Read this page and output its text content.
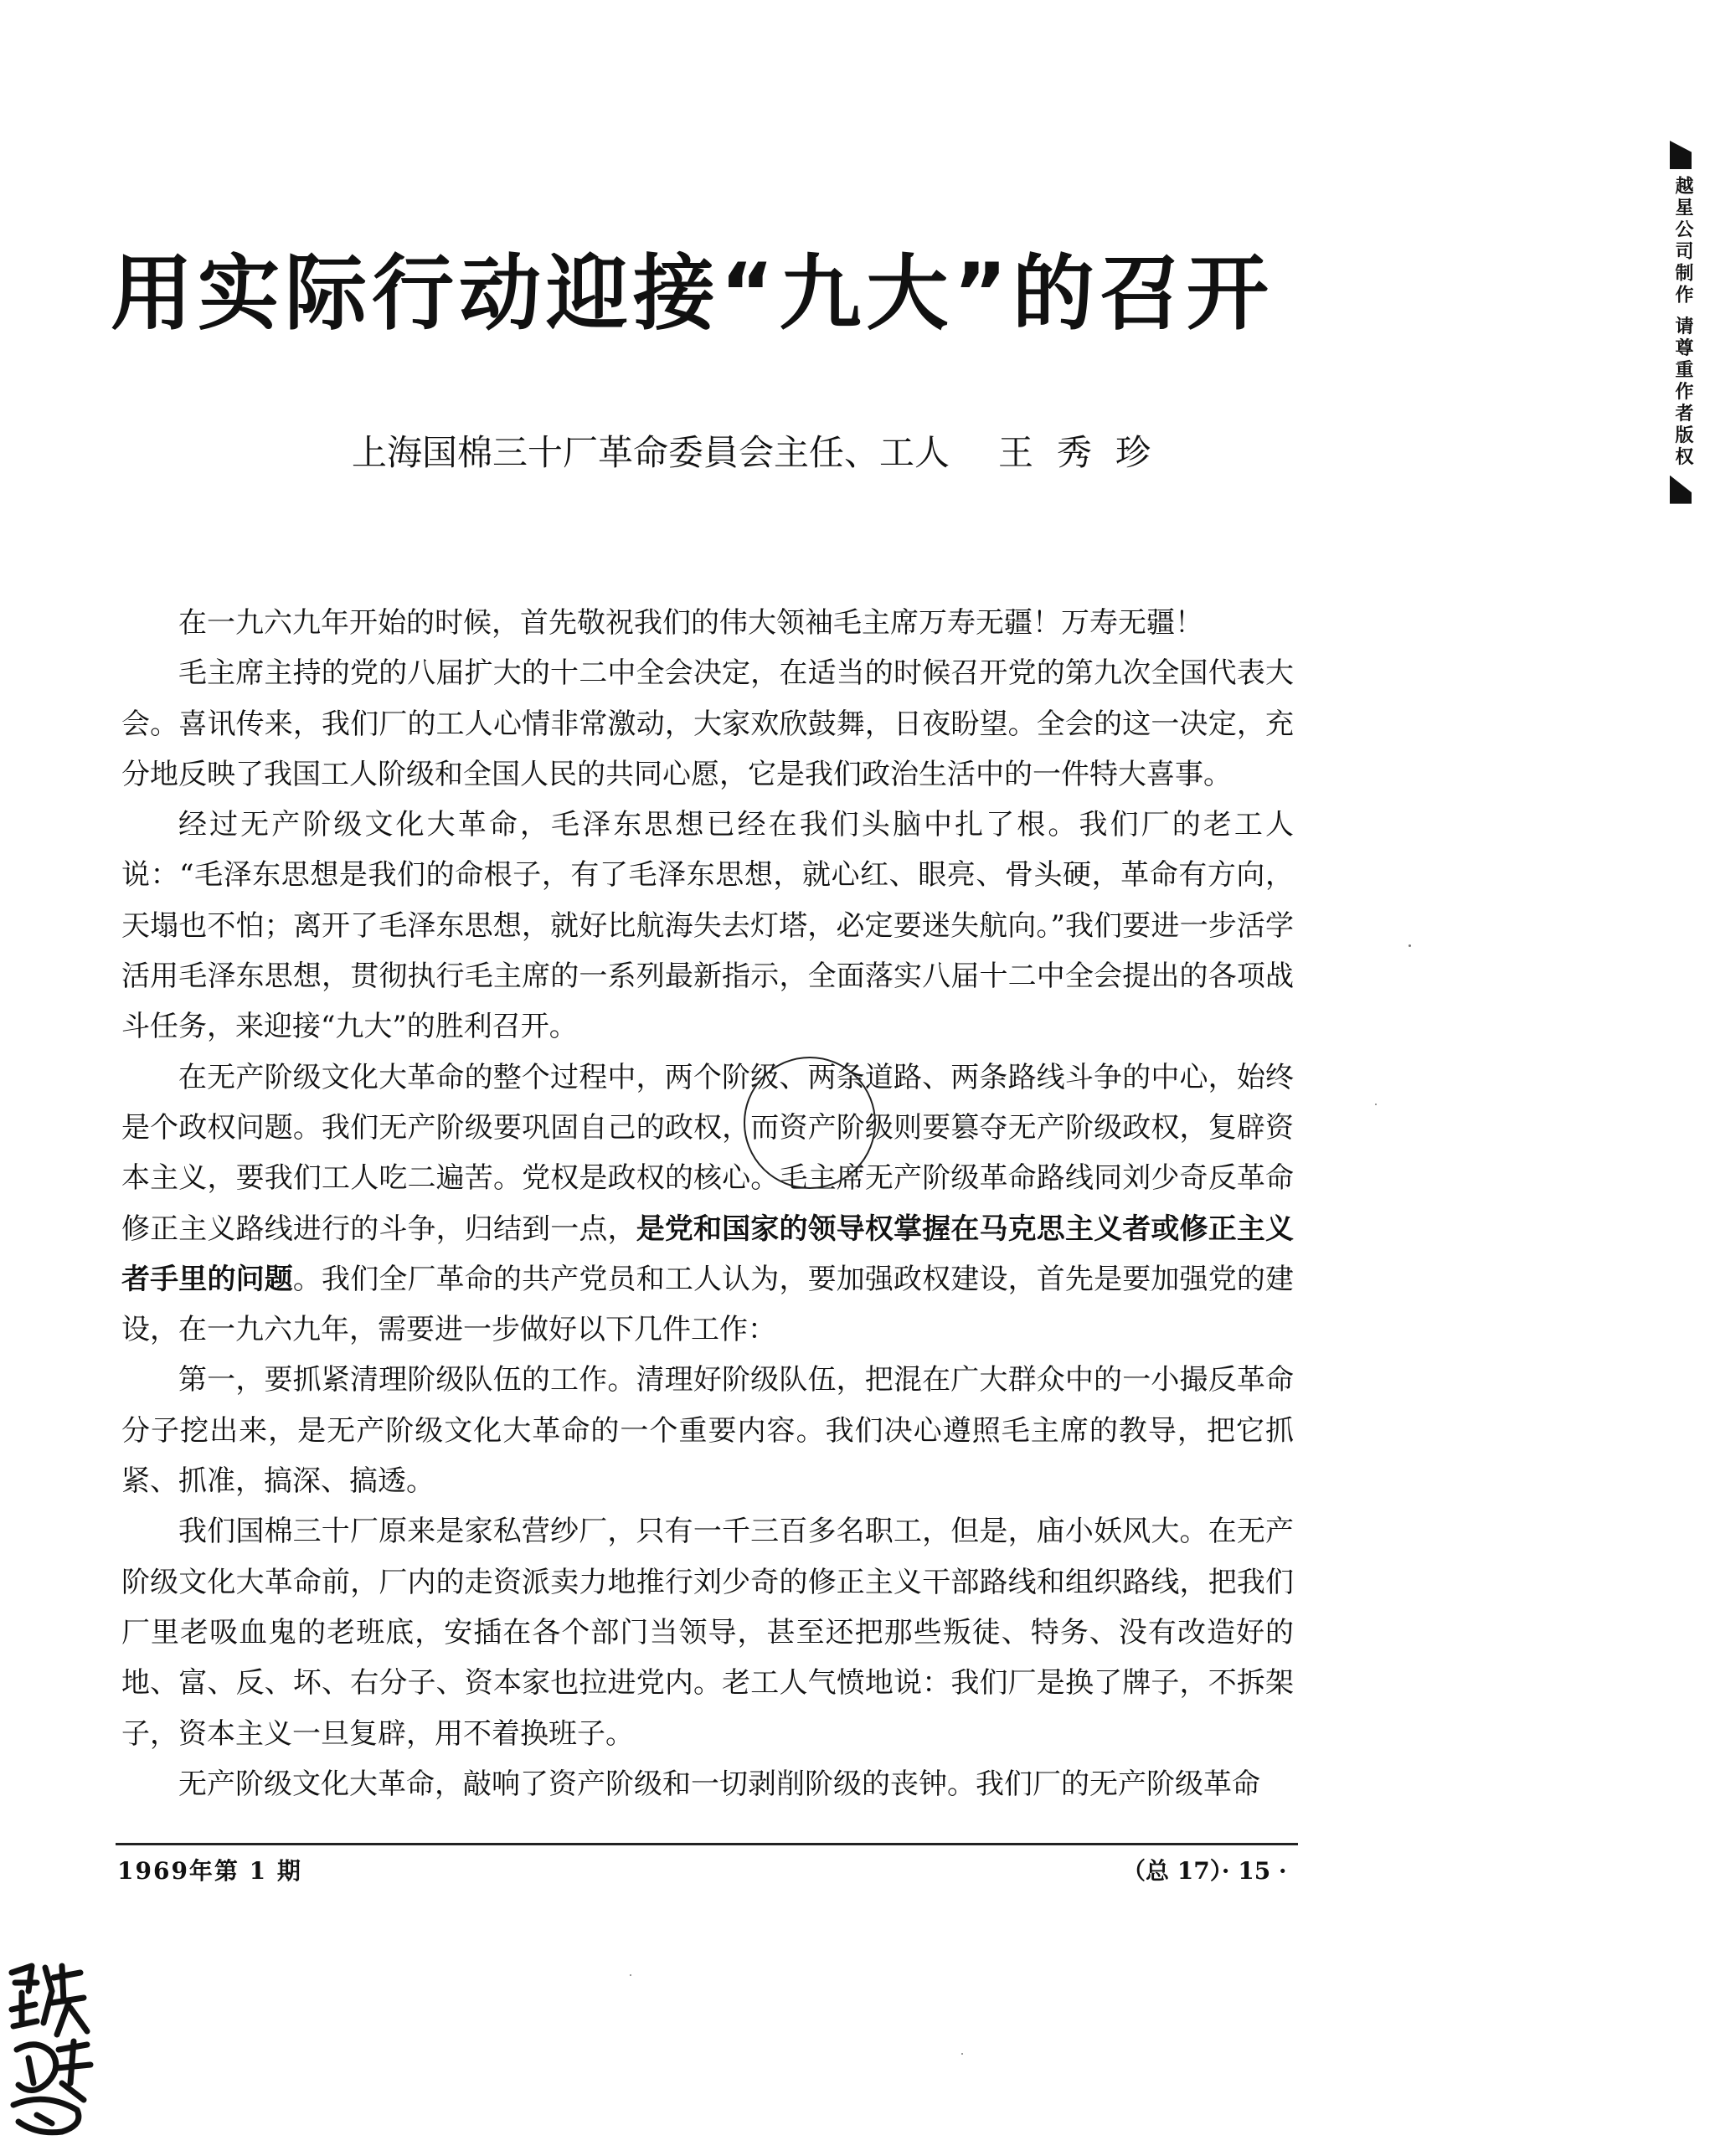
用实际行动迎接“九大”的召开
上海国棉三十厂革命委員会主任、工人 王秀珍

在一九六九年开始的时候，首先敬祝我们的伟大领袖毛主席万寿无疆！万寿无疆！

毛主席主持的党的八届扩大的十二中全会决定，在适当的时候召开党的第九次全国代表大会。喜讯传来，我们厂的工人心情非常激动，大家欢欣鼓舞，日夜盼望。全会的这一决定，充分地反映了我国工人阶级和全国人民的共同心愿，它是我们政治生活中的一件特大喜事。

经过无产阶级文化大革命，毛泽东思想已经在我们头脑中扎了根。我们厂的老工人说：“毛泽东思想是我们的命根子，有了毛泽东思想，就心红、眼亮、骨头硬，革命有方向，天塌也不怕；离开了毛泽东思想，就好比航海失去灯塔，必定要迷失航向。”我们要进一步活学活用毛泽东思想，贯彻执行毛主席的一系列最新指示，全面落实八届十二中全会提出的各项战斗任务，来迎接“九大”的胜利召开。

在无产阶级文化大革命的整个过程中，两个阶级、两条道路、两条路线斗争的中心，始终是个政权问题。我们无产阶级要巩固自己的政权，而资产阶级则要篡夺无产阶级政权，复辟资本主义，要我们工人吃二遍苦。党权是政权的核心。毛主席无产阶级革命路线同刘少奇反革命修正主义路线进行的斗争，归结到一点，是党和国家的领导权掌握在马克思主义者或修正主义者手里的问题。我们全厂革命的共产党员和工人认为，要加强政权建设，首先是要加强党的建设，在一九六九年，需要进一步做好以下几件工作：

第一，要抓紧清理阶级队伍的工作。清理好阶级队伍，把混在广大群众中的一小撮反革命分子挖出来，是无产阶级文化大革命的一个重要内容。我们决心遵照毛主席的教导，把它抓紧、抓准，搞深、搞透。

我们国棉三十厂原来是家私营纱厂，只有一千三百多名职工，但是，庙小妖风大。在无产阶级文化大革命前，厂内的走资派卖力地推行刘少奇的修正主义干部路线和组织路线，把我们厂里老吸血鬼的老班底，安插在各个部门当领导，甚至还把那些叛徒、特务、没有改造好的地、富、反、坏、右分子、资本家也拉进党内。老工人气愤地说：我们厂是换了牌子，不拆架子，资本主义一旦复辟，用不着换班子。

无产阶级文化大革命，敲响了资产阶级和一切剥削阶级的丧钟。我们厂的无产阶级革命

1969年第 1 期	（总 17）· 15 ·
越星公司制作 请尊重作者版权
